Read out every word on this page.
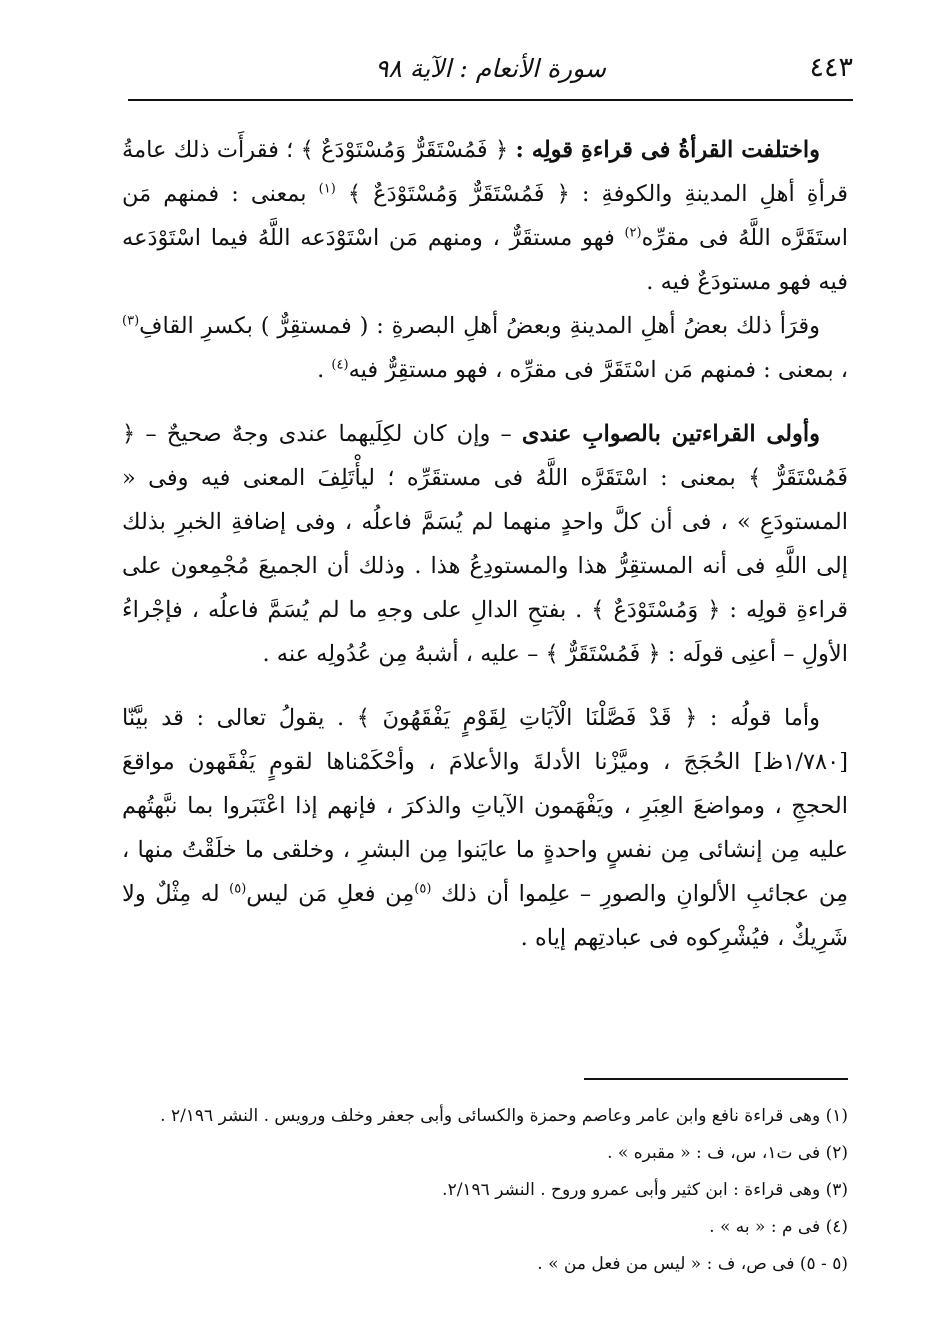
٤٤٣
سورة الأنعام : الآية ٩٨

واختلفت القرأةُ فى قراءةِ قولِه : ﴿ فَمُسْتَقَرٌّ وَمُسْتَوْدَعٌ ﴾ ؛ فقرأَت ذلك عامةُ قرأةِ أهلِ المدينةِ والكوفةِ : ﴿ فَمُسْتَقَرٌّ وَمُسْتَوْدَعٌ ﴾ $^{(١)}$ بمعنى : فمنهم مَن استَقَرَّه اللَّهُ فى مقرِّه$^{(٢)}$ فهو مستقَرٌّ ، ومنهم مَن اسْتَوْدَعه اللَّهُ فيما اسْتَوْدَعه فيه فهو مستودَعٌ فيه .

وقرَأ ذلك بعضُ أهلِ المدينةِ وبعضُ أهلِ البصرةِ : ( فمستقِرٌّ ) بكسرِ القافِ$^{(٣)}$ ، بمعنى : فمنهم مَن اسْتَقَرَّ فى مقرِّه ، فهو مستقِرٌّ فيه$^{(٤)}$ .

وأولى القراءتين بالصوابِ عندى – وإن كان لكِلَيهما عندى وجهٌ صحيحٌ – ﴿ فَمُسْتَقَرٌّ ﴾ بمعنى : اسْتَقَرَّه اللَّهُ فى مستقَرِّه ؛ ليأْتَلِفَ المعنى فيه وفى « المستودَعِ » ، فى أن كلَّ واحدٍ منهما لم يُسَمَّ فاعلُه ، وفى إضافةِ الخبرِ بذلك إلى اللَّهِ فى أنه المستقِرُّ هذا والمستودِعُ هذا . وذلك أن الجميعَ مُجْمِعون على قراءةِ قولِه : ﴿ وَمُسْتَوْدَعٌ ﴾ . بفتحِ الدالِ على وجهِ ما لم يُسَمَّ فاعلُه ، فإجْراءُ الأولِ – أعنِى قولَه : ﴿ فَمُسْتَقَرٌّ ﴾ – عليه ، أشبهُ مِن عُدُولِه عنه .

وأما قولُه : ﴿ قَدْ فَصَّلْنَا الْآيَاتِ لِقَوْمٍ يَفْقَهُونَ ﴾ . يقولُ تعالى : قد بيَّنّا [١/٧٨٠ظ] الحُجَجَ ، وميَّزْنا الأدلةَ والأعلامَ ، وأحْكَمْناها لقومٍ يَفْقَهون مواقعَ الحججِ ، ومواضعَ العِبَرِ ، ويَفْهَمون الآياتِ والذكرَ ، فإنهم إذا اعْتَبَروا بما نبَّهتُهم عليه مِن إنشائى مِن نفسٍ واحدةٍ ما عايَنوا مِن البشرِ ، وخلقى ما خلَقْتُ منها ، مِن عجائبِ الألوانِ والصورِ – علِموا أن ذلك $^{(٥)}$مِن فعلِ مَن ليس$^{(٥)}$ له مِثْلٌ ولا شَرِيكٌ ، فيُشْرِكوه فى عبادتِهم إياه .

(١) وهى قراءة نافع وابن عامر وعاصم وحمزة والكسائى وأبى جعفر وخلف ورويس . النشر ٢/١٩٦ .

(٢) فى ت١، س، ف : « مقبره » .

(٣) وهى قراءة : ابن كثير وأبى عمرو وروح . النشر ٢/١٩٦.

(٤) فى م : « به » .

(٥ - ٥) فى ص، ف : « ليس من فعل من » .
